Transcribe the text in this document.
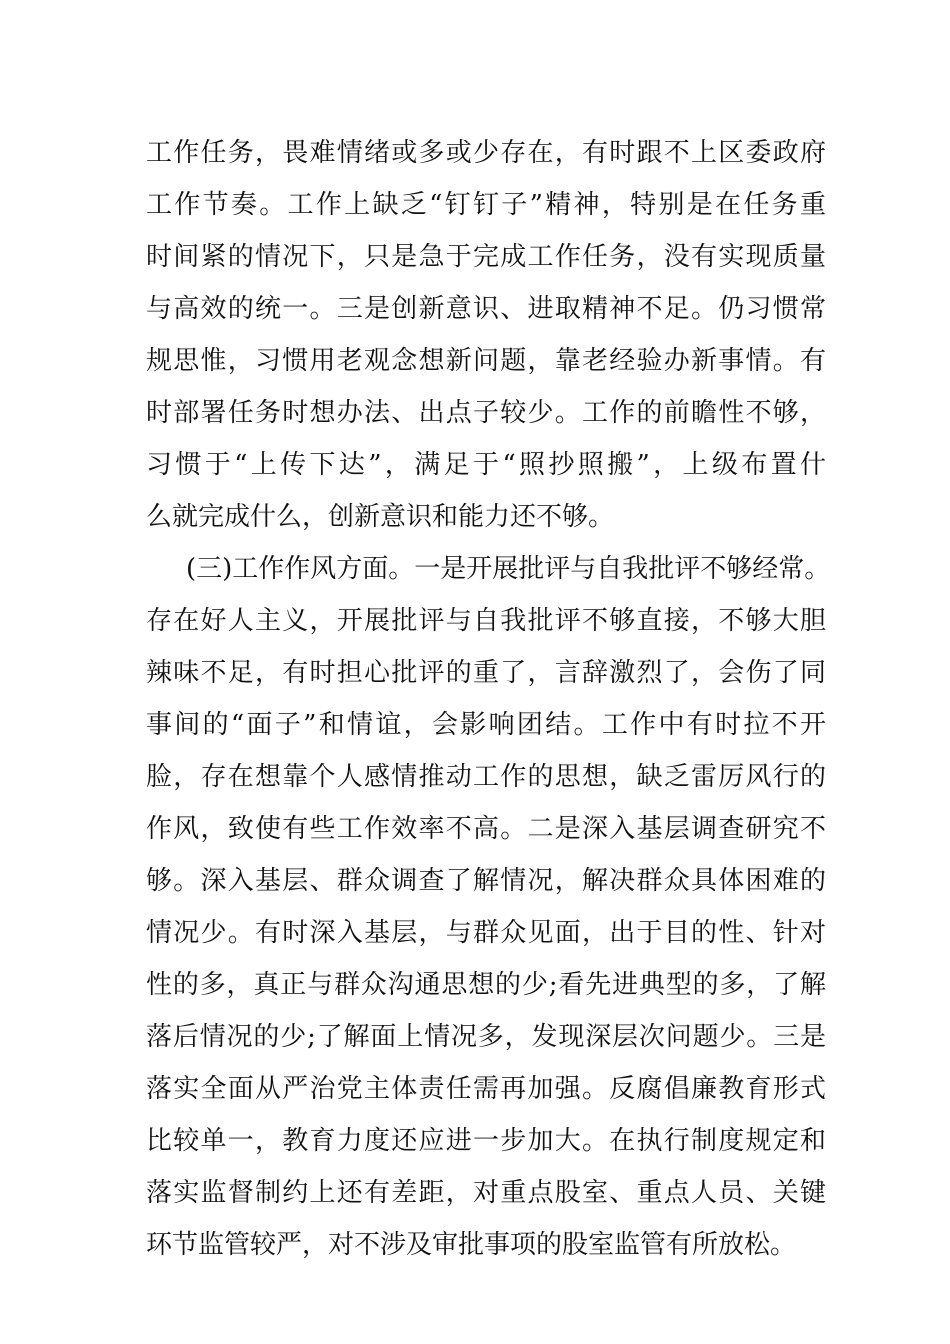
工作任务，畏难情绪或多或少存在，有时跟不上区委政府
工作节奏。工作上缺乏“钉钉子”精神，特别是在任务重
时间紧的情况下，只是急于完成工作任务，没有实现质量
与高效的统一。三是创新意识、进取精神不足。仍习惯常
规思惟，习惯用老观念想新问题，靠老经验办新事情。有
时部署任务时想办法、出点子较少。工作的前瞻性不够，
习惯于“上传下达”，满足于“照抄照搬”，上级布置什
么就完成什么，创新意识和能力还不够。
(三)工作作风方面。一是开展批评与自我批评不够经常。
存在好人主义，开展批评与自我批评不够直接，不够大胆
辣味不足，有时担心批评的重了，言辞激烈了，会伤了同
事间的“面子”和情谊，会影响团结。工作中有时拉不开
脸，存在想靠个人感情推动工作的思想，缺乏雷厉风行的
作风，致使有些工作效率不高。二是深入基层调查研究不
够。深入基层、群众调查了解情况，解决群众具体困难的
情况少。有时深入基层，与群众见面，出于目的性、针对
性的多，真正与群众沟通思想的少;看先进典型的多，了解
落后情况的少;了解面上情况多，发现深层次问题少。三是
落实全面从严治党主体责任需再加强。反腐倡廉教育形式
比较单一，教育力度还应进一步加大。在执行制度规定和
落实监督制约上还有差距，对重点股室、重点人员、关键
环节监管较严，对不涉及审批事项的股室监管有所放松。
